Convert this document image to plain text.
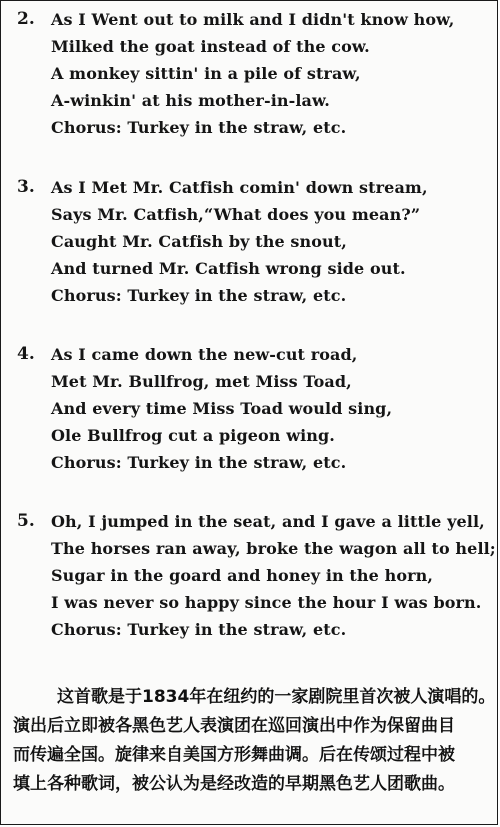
2. As I Went out to milk and I didn't know how,
Milked the goat instead of the cow.
A monkey sittin' in a pile of straw,
A-winkin' at his mother-in-law.
Chorus: Turkey in the straw, etc.
3. As I Met Mr. Catfish comin' down stream,
Says Mr. Catfish,“What does you mean?”
Caught Mr. Catfish by the snout,
And turned Mr. Catfish wrong side out.
Chorus: Turkey in the straw, etc.
4. As I came down the new-cut road,
Met Mr. Bullfrog, met Miss Toad,
And every time Miss Toad would sing,
Ole Bullfrog cut a pigeon wing.
Chorus: Turkey in the straw, etc.
5. Oh, I jumped in the seat, and I gave a little yell,
The horses ran away, broke the wagon all to hell;
Sugar in the goard and honey in the horn,
I was never so happy since the hour I was born.
Chorus: Turkey in the straw, etc.
这首歌是于1834年在纽约的一家剧院里首次被人演唱的。
演出后立即被各黑色艺人表演团在巡回演出中作为保留曲目
而传遍全国。旋律来自美国方形舞曲调。后在传颂过程中被
填上各种歌词，被公认为是经改造的早期黑色艺人团歌曲。
